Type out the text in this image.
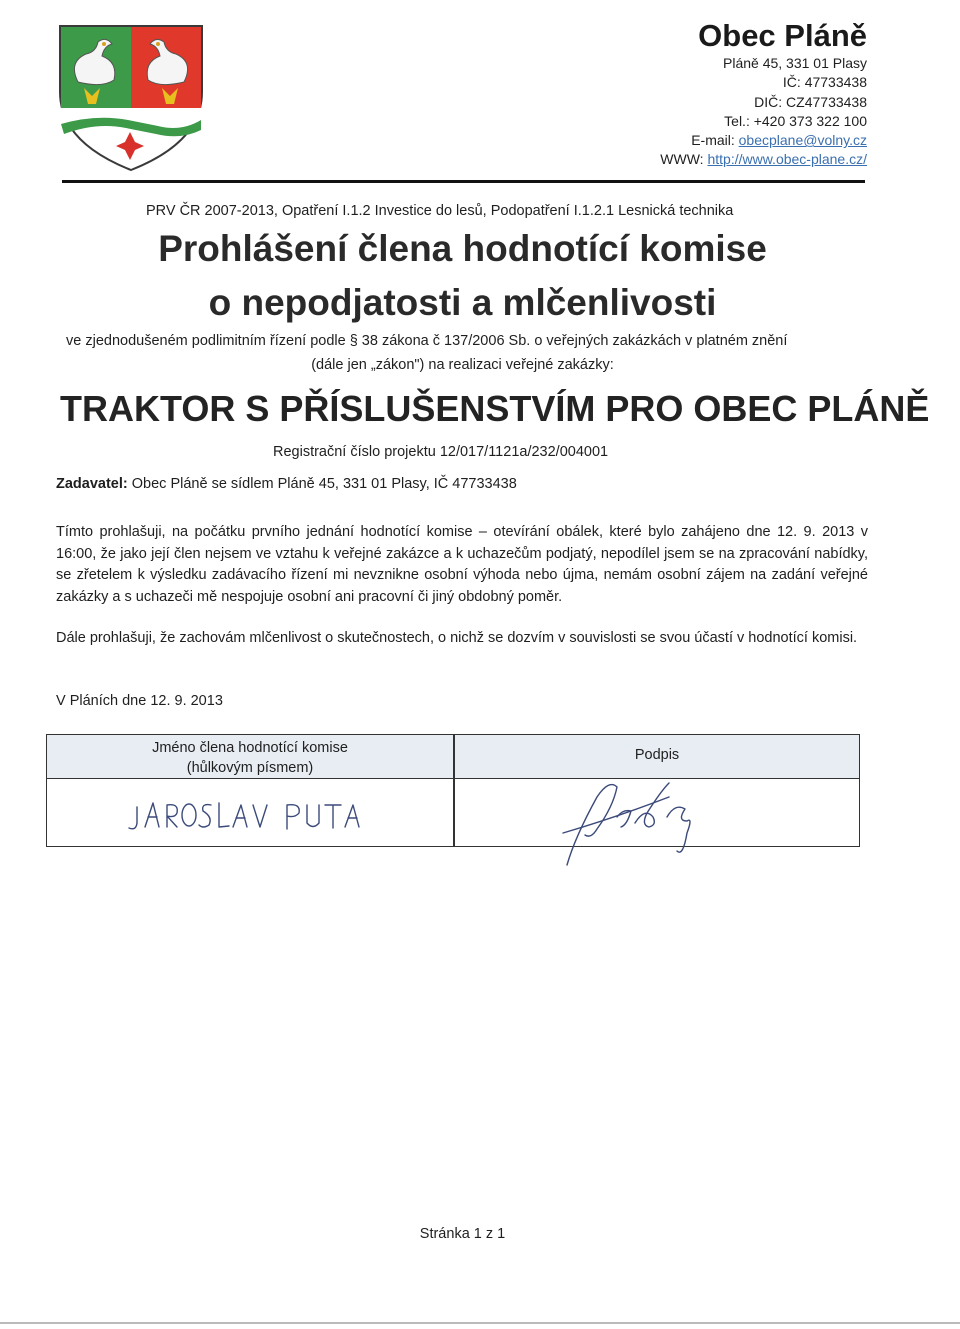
Obec Pláně
Pláně 45, 331 01 Plasy
IČ: 47733438
DIČ: CZ47733438
Tel.: +420 373 322 100
E-mail: obecplane@volny.cz
WWW: http://www.obec-plane.cz/
PRV ČR 2007-2013, Opatření I.1.2 Investice do lesů, Podopatření I.1.2.1 Lesnická technika
Prohlášení člena hodnotící komise
o nepodjatosti a mlčenlivosti
ve zjednodušeném podlimitním řízení podle § 38 zákona č 137/2006 Sb. o veřejných zakázkách v platném znění
(dále jen „zákon") na realizaci veřejné zakázky:
TRAKTOR S PŘÍSLUŠENSTVÍM PRO OBEC PLÁNĚ
Registrační číslo projektu 12/017/1121a/232/004001
Zadavatel: Obec Pláně se sídlem Pláně 45, 331 01 Plasy, IČ 47733438
Tímto prohlašuji, na počátku prvního jednání hodnotící komise – otevírání obálek, které bylo zahájeno dne 12. 9. 2013 v 16:00, že jako její člen nejsem ve vztahu k veřejné zakázce a k uchazečům podjatý, nepodílel jsem se na zpracování nabídky, se zřetelem k výsledku zadávacího řízení mi nevznikne osobní výhoda nebo újma, nemám osobní zájem na zadání veřejné zakázky a s uchazeči mě nespojuje osobní ani pracovní či jiný obdobný poměr.
Dále prohlašuji, že zachovám mlčenlivost o skutečnostech, o nichž se dozvím v souvislosti se svou účastí v hodnotící komisi.
V Pláních dne 12. 9. 2013
Jméno člena hodnotící komise
(hůlkovým písmem)
Podpis
Stránka 1 z 1
